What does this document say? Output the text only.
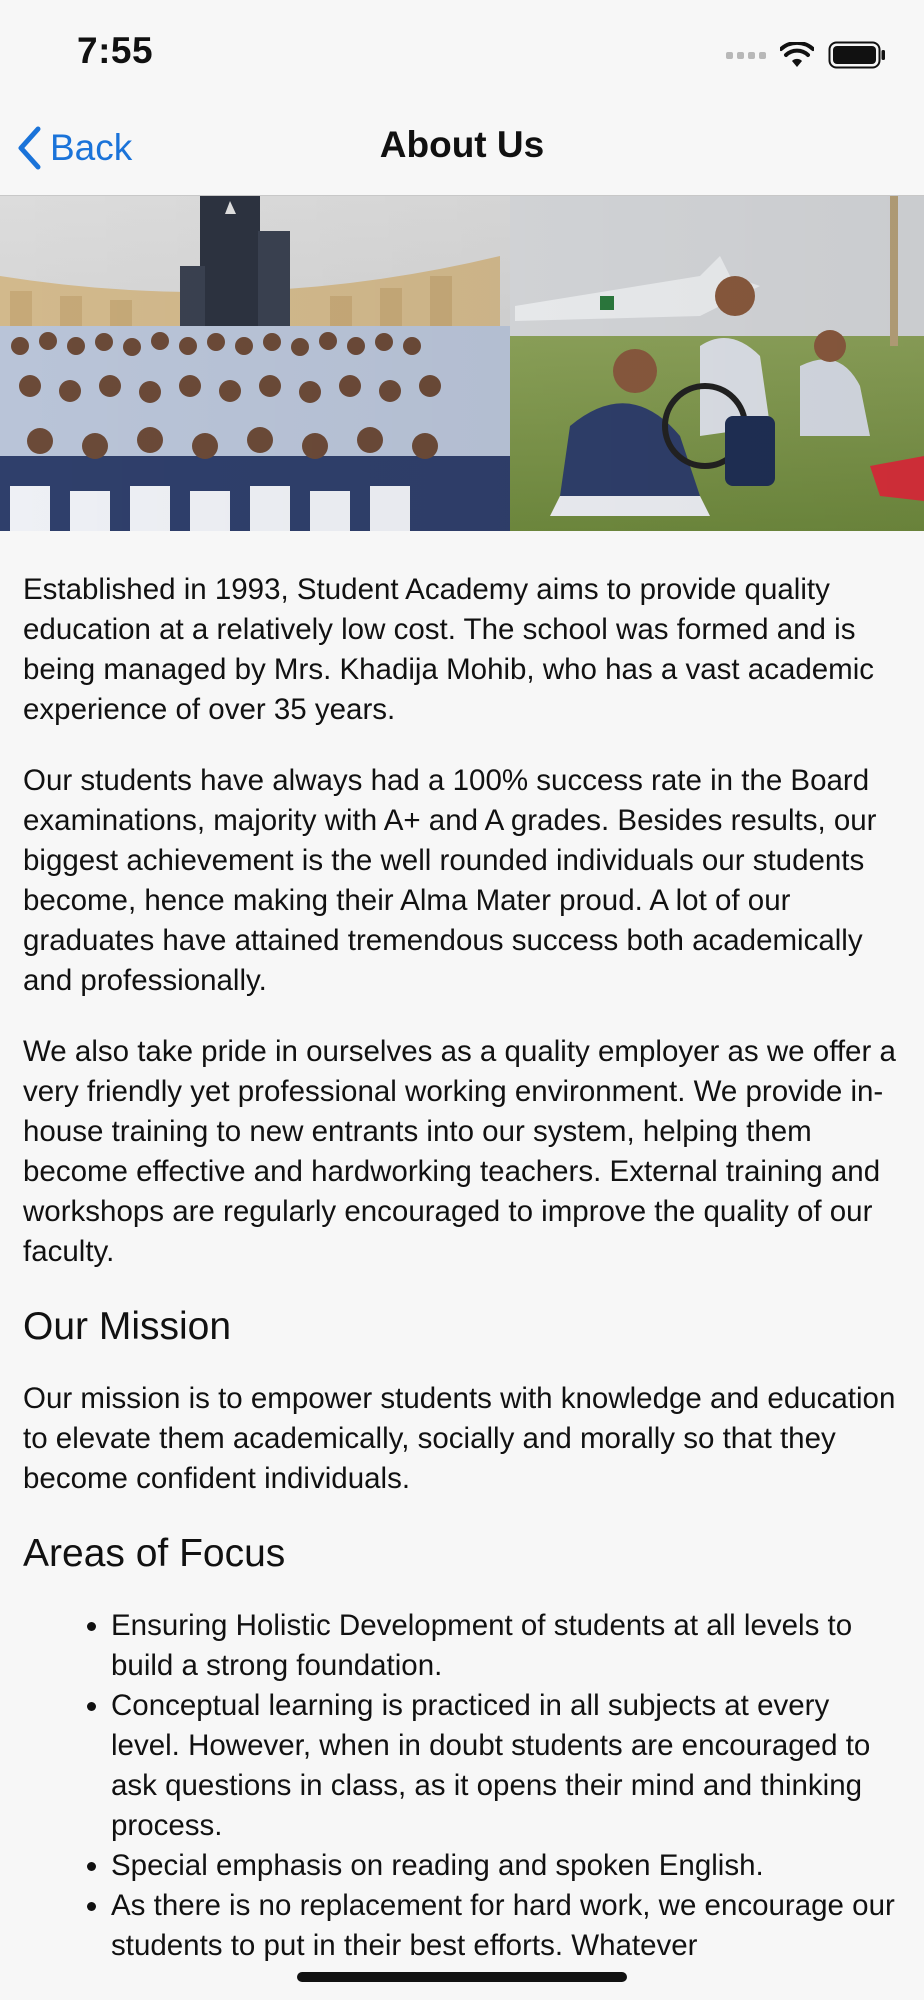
7:55
Back	About Us

Established in 1993, Student Academy aims to provide quality education at a relatively low cost. The school was formed and is being managed by Mrs. Khadija Mohib, who has a vast academic experience of over 35 years.

Our students have always had a 100% success rate in the Board examinations, majority with A+ and A grades. Besides results, our biggest achievement is the well rounded individuals our students become, hence making their Alma Mater proud. A lot of our graduates have attained tremendous success both academically and professionally.

We also take pride in ourselves as a quality employer as we offer a very friendly yet professional working environment. We provide in-house training to new entrants into our system, helping them become effective and hardworking teachers. External training and workshops are regularly encouraged to improve the quality of our faculty.

Our Mission

Our mission is to empower students with knowledge and education to elevate them academically, socially and morally so that they become confident individuals.

Areas of Focus
• Ensuring Holistic Development of students at all levels to build a strong foundation.
• Conceptual learning is practiced in all subjects at every level. However, when in doubt students are encouraged to ask questions in class, as it opens their mind and thinking process.
• Special emphasis on reading and spoken English.
• As there is no replacement for hard work, we encourage our students to put in their best efforts. Whatever
